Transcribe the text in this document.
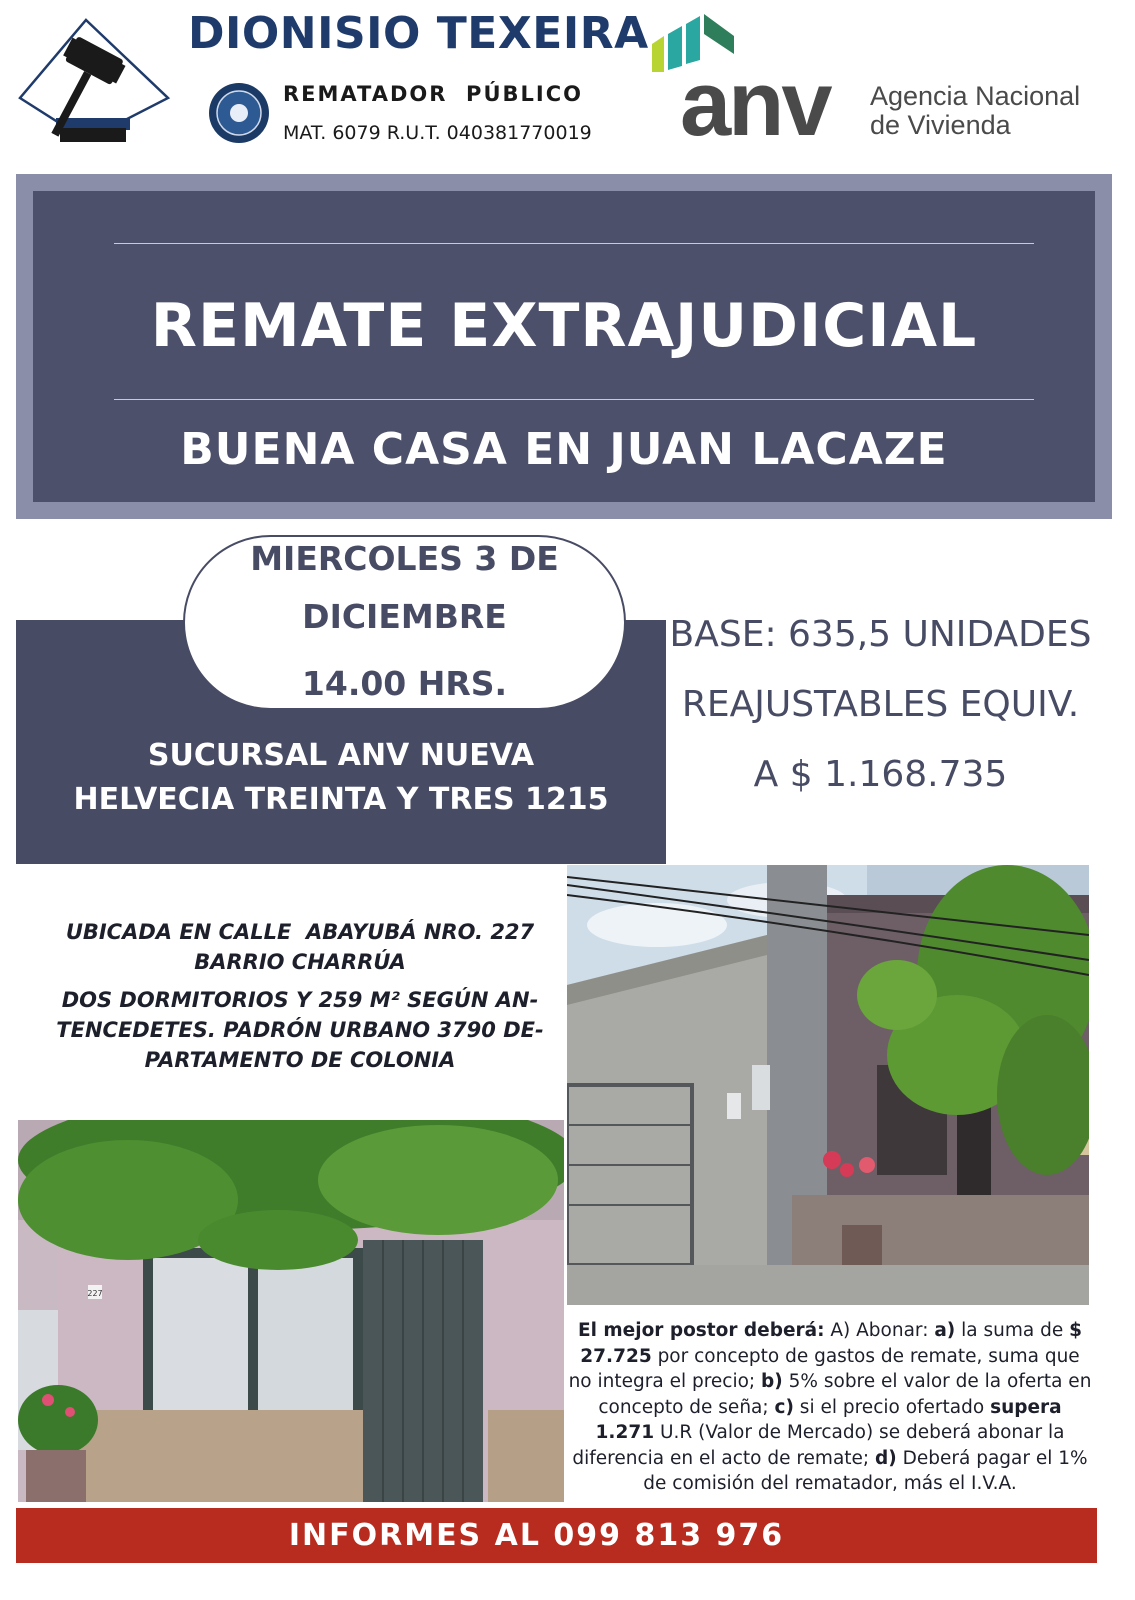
DIONISIO TEXEIRA
REMATADOR  PÚBLICO
MAT. 6079 R.U.T. 040381770019 anv Agencia Nacional
de Vivienda
REMATE EXTRAJUDICIAL
BUENA CASA EN JUAN LACAZE
SUCURSAL ANV NUEVA
HELVECIA TREINTA Y TRES 1215
MIERCOLES 3 DE
DICIEMBRE
14.00 HRS.
BASE: 635,5 UNIDADES
REAJUSTABLES EQUIV.
A $ 1.168.735

UBICADA EN CALLE  ABAYUBÁ NRO. 227
BARRIO CHARRÚA

DOS DORMITORIOS Y 259 M² SEGÚN AN-
TENCEDETES. PADRÓN URBANO 3790 DE-
PARTAMENTO DE COLONIA

227
El mejor postor deberá: A) Abonar: a) la suma de $ 27.725 por concepto de gastos de remate, suma que no integra el precio; b) 5% sobre el valor de la oferta en concepto de seña; c) si el precio ofertado supera 1.271 U.R (Valor de Mercado) se deberá abonar la diferencia en el acto de remate; d) Deberá pagar el 1% de comisión del rematador, más el I.V.A.
INFORMES AL 099 813 976
